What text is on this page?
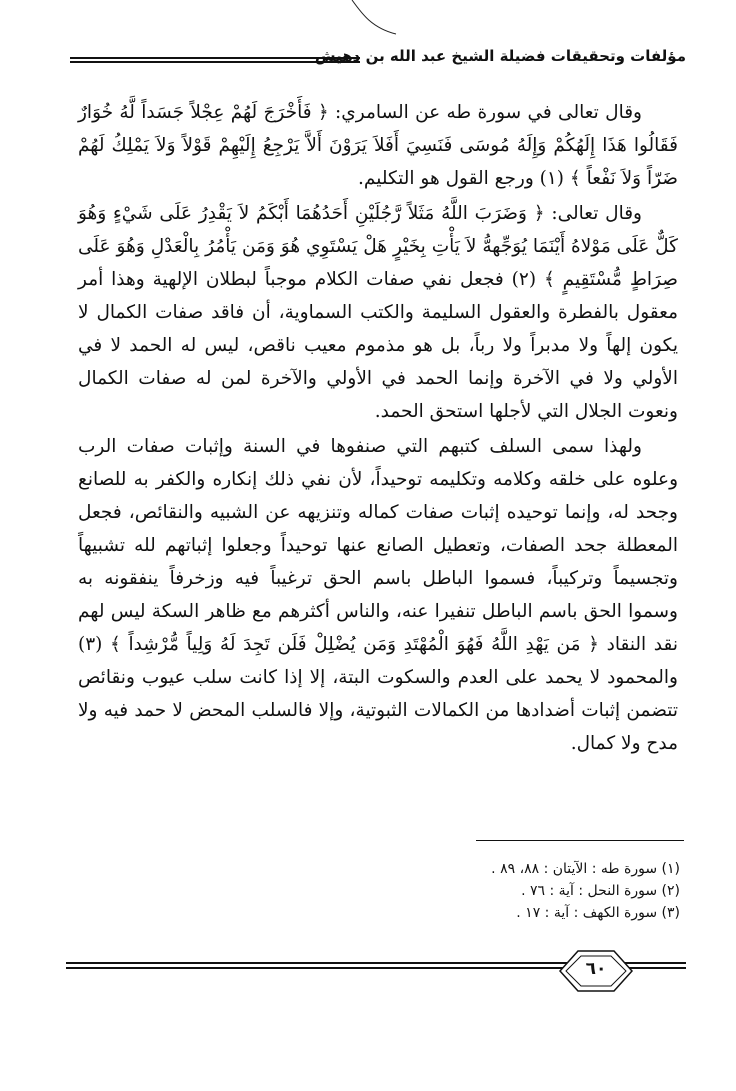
مؤلفات وتحقيقات فضيلة الشيخ عبد الله بن دهيش

وقال تعالى في سورة طه عن السامري: ﴿ فَأَخْرَجَ لَهُمْ عِجْلاً جَسَداً لَّهُ خُوَارٌ فَقَالُوا هَذَا إِلَهُكُمْ وَإِلَهُ مُوسَى فَنَسِيَ أَفَلاَ يَرَوْنَ أَلاَّ يَرْجِعُ إِلَيْهِمْ قَوْلاً وَلاَ يَمْلِكُ لَهُمْ ضَرّاً وَلاَ نَفْعاً ﴾ (١) ورجع القول هو التكليم.

وقال تعالى: ﴿ وَضَرَبَ اللَّهُ مَثَلاً رَّجُلَيْنِ أَحَدُهُمَا أَبْكَمُ لاَ يَقْدِرُ عَلَى شَيْءٍ وَهُوَ كَلٌّ عَلَى مَوْلاهُ أَيْنَمَا يُوَجِّههُّ لاَ يَأْتِ بِخَيْرٍ هَلْ يَسْتَوِي هُوَ وَمَن يَأْمُرُ بِالْعَدْلِ وَهُوَ عَلَى صِرَاطٍ مُّسْتَقِيمٍ ﴾ (٢) فجعل نفي صفات الكلام موجباً لبطلان الإلهية وهذا أمر معقول بالفطرة والعقول السليمة والكتب السماوية، أن فاقد صفات الكمال لا يكون إلهاً ولا مدبراً ولا رباً، بل هو مذموم معيب ناقص، ليس له الحمد لا في الأولي ولا في الآخرة وإنما الحمد في الأولي والآخرة لمن له صفات الكمال ونعوت الجلال التي لأجلها استحق الحمد.

ولهذا سمى السلف كتبهم التي صنفوها في السنة وإثبات صفات الرب وعلوه على خلقه وكلامه وتكليمه توحيداً، لأن نفي ذلك إنكاره والكفر به للصانع وجحد له، وإنما توحيده إثبات صفات كماله وتنزيهه عن الشبيه والنقائص، فجعل المعطلة جحد الصفات، وتعطيل الصانع عنها توحيداً وجعلوا إثباتهم لله تشبيهاً وتجسيماً وتركيباً، فسموا الباطل باسم الحق ترغيباً فيه وزخرفاً ينفقونه به وسموا الحق باسم الباطل تنفيرا عنه، والناس أكثرهم مع ظاهر السكة ليس لهم نقد النقاد ﴿ مَن يَهْدِ اللَّهُ فَهُوَ الْمُهْتَدِ وَمَن يُضْلِلْ فَلَن تَجِدَ لَهُ وَلِياً مُّرْشِداً ﴾ (٣) والمحمود لا يحمد على العدم والسكوت البتة، إلا إذا كانت سلب عيوب ونقائص تتضمن إثبات أضدادها من الكمالات الثبوتية، وإلا فالسلب المحض لا حمد فيه ولا مدح ولا كمال.

(١) سورة طه : الآيتان : ٨٨، ٨٩ .
(٢) سورة النحل : آية : ٧٦ .
(٣) سورة الكهف : آية : ١٧ .
٦٠
